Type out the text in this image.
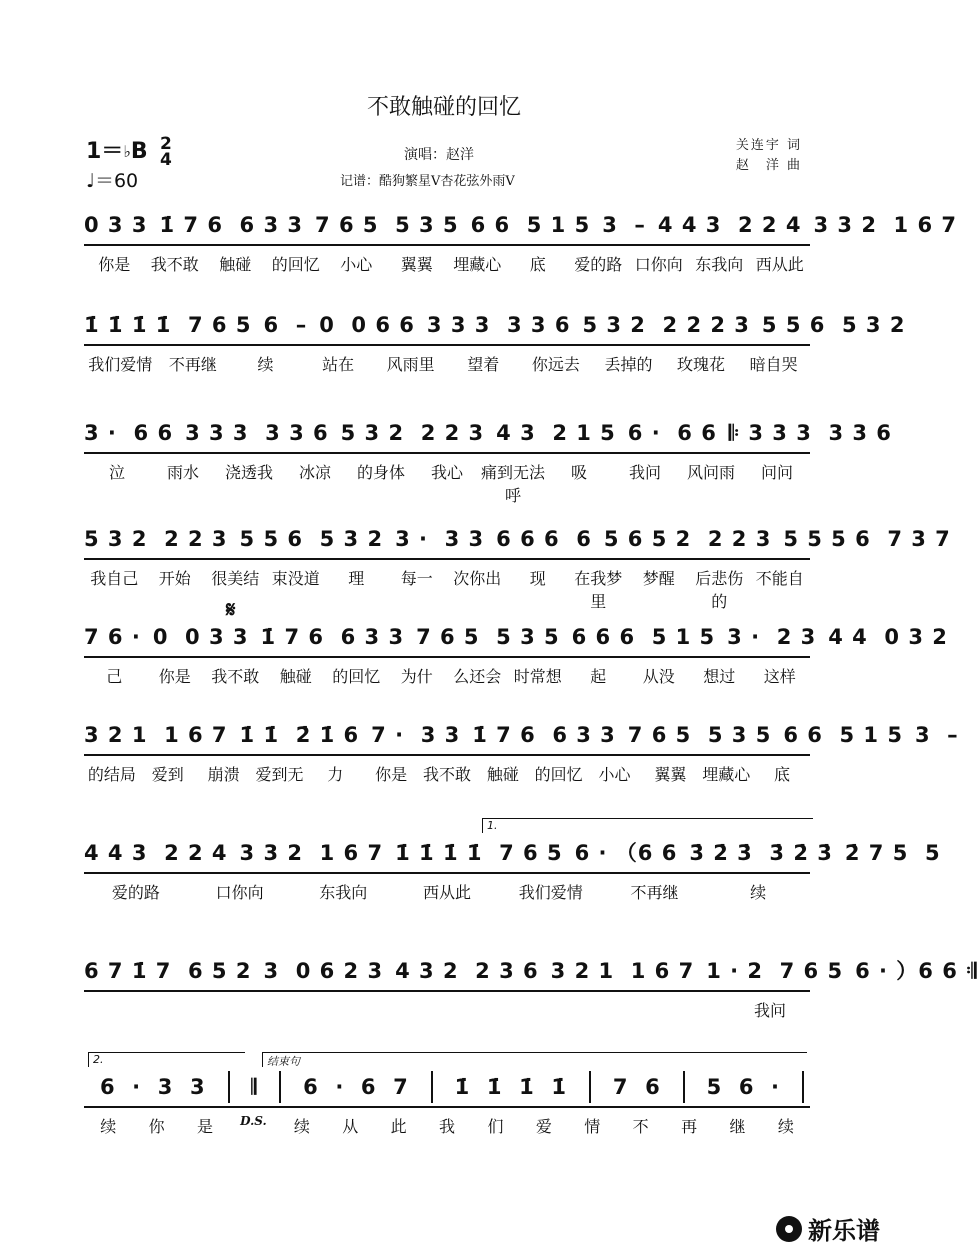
不敢触碰的回忆
1＝♭B 2
4
♩＝60
演唱：赵洋
记谱：酷狗繁星V杏花弦外雨V
关连宇 词
赵　洋 曲
0 3 3 1̇ 7 6  6 3 3 7 6 5  5 3 5 6 6  5 1 5 3  – 4 4 3  2 2 4 3 3 2  1 6 7
你是	我不敢	触碰	的回忆	小心	翼翼	埋藏心	底	爱的路 口你向 东我向 西从此
1̇ 1̇ 1̇ 1̇  7 6 5 6  – 0  0 6 6 3 3 3  3 3 6 5 3 2  2 2 2 3 5 5 6  5 3 2
我们爱情	不再继	续	站在	风雨里	望着	你远去	丢掉的	玫瑰花	暗自哭
3 ·  6 6 3 3 3  3 3 6 5 3 2  2 2 3 4 3  2 1 5 6 ·  6 6 𝄆 3 3 3  3 3 6
泣	雨水	浇透我	冰凉	的身体	我心	痛到无法呼
吸	我问	风问雨	问问
5 3 2  2 2 3 5 5 6  5 3 2 3 ·  3 3 6 6 6  6 5 6 5 2  2 2 3 5 5 5 6  7 3 7
我自己	开始	很美结 束没道	理	每一	次你出	现	在我梦里
梦醒	后悲伤的
不能自
7 6 · 0  0 3 3 1̇ 7 6  6 3 3 7 6 5  5 3 5 6 6 6  5 1 5 3 ·  2 3 4 4  0 3 2
己	你是	我不敢	触碰	的回忆	为什	么还会 时常想	起	从没	想过	这样
3 2 1  1 6 7 1̇ 1̇  2̇ 1̇ 6 7 ·  3 3 1̇ 7 6  6 3 3 7 6 5  5 3 5 6 6  5 1 5 3  –
的结局 爱到	崩溃 爱到无	力	你是 我不敢 触碰 的回忆 小心	翼翼 埋藏心	底
1.
4 4 3  2 2 4 3 3 2  1 6 7 1̇ 1̇ 1̇ 1̇  7 6 5 6 · （6 6 3̇ 2̇ 3̇  3̇ 2̇ 3̇ 2̇ 7 5  5
爱的路	口你向	东我向	西从此	我们爱情	不再继	续
6 7 1̇ 7  6 5 2 3  0 6 2 3 4 3 2  2 3 6 3 2 1  1 6 7 1 · 2  7 6 5 6 · ）6 6 𝄇
我问
2.	结束句
6  ·  3  3	𝄂	6  ·  6  7	1̇  1̇  1̇  1̇	7  6	5  6  ·
续	你	是	D.S.	续	从	此	我	们	爱	情	不	再	继	续
𝄋
新乐谱
